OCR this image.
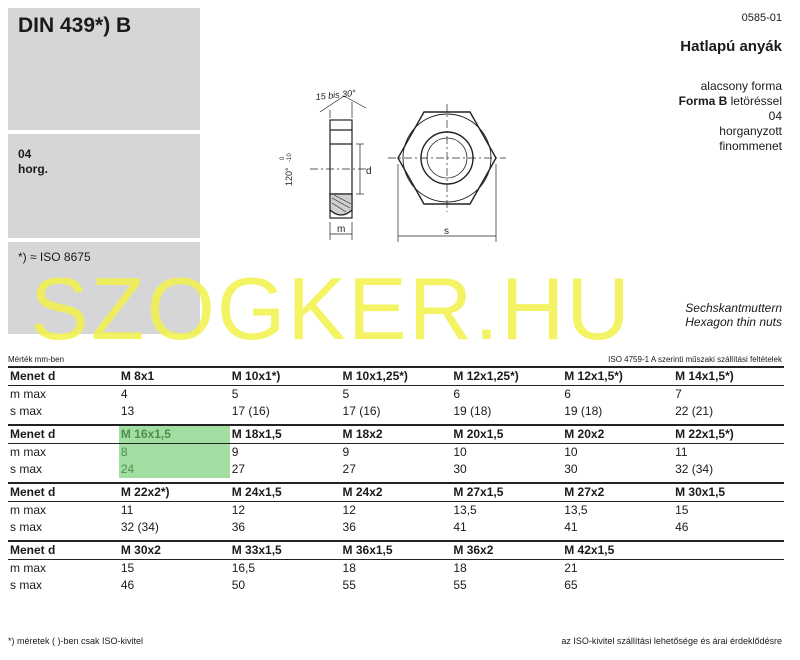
DIN 439*) B
04
horg.
*) ≈ ISO 8675
0585-01
Hatlapú anyák
alacsony forma
Forma B letöréssel
04
horganyzott
finommenet
Sechskantmuttern
Hexagon thin nuts
15 bis 30°
120°
0 -10
d
m	s
SZOGKER.HU
Mérték mm-ben	ISO 4759-1 A szerinti műszaki szállítási feltételek
Menet d	M 8x1	M 10x1*)	M 10x1,25*)	M 12x1,25*)	M 12x1,5*)	M 14x1,5*)
m max	4	5	5	6	6	7
s max	13	17 (16)	17 (16)	19 (18)	19 (18)	22 (21)

Menet d	M 16x1,5	M 18x1,5	M 18x2	M 20x1,5	M 20x2	M 22x1,5*)
m max	8	9	9	10	10	11
s max	24	27	27	30	30	32 (34)

Menet d	M 22x2*)	M 24x1,5	M 24x2	M 27x1,5	M 27x2	M 30x1,5
m max	11	12	12	13,5	13,5	15
s max	32 (34)	36	36	41	41	46

Menet d	M 30x2	M 33x1,5	M 36x1,5	M 36x2	M 42x1,5	
m max	15	16,5	18	18	21	
s max	46	50	55	55	65	
*) méretek ( )-ben csak ISO-kivitel	az ISO-kivitel szállítási lehetősége és árai érdeklődésre
